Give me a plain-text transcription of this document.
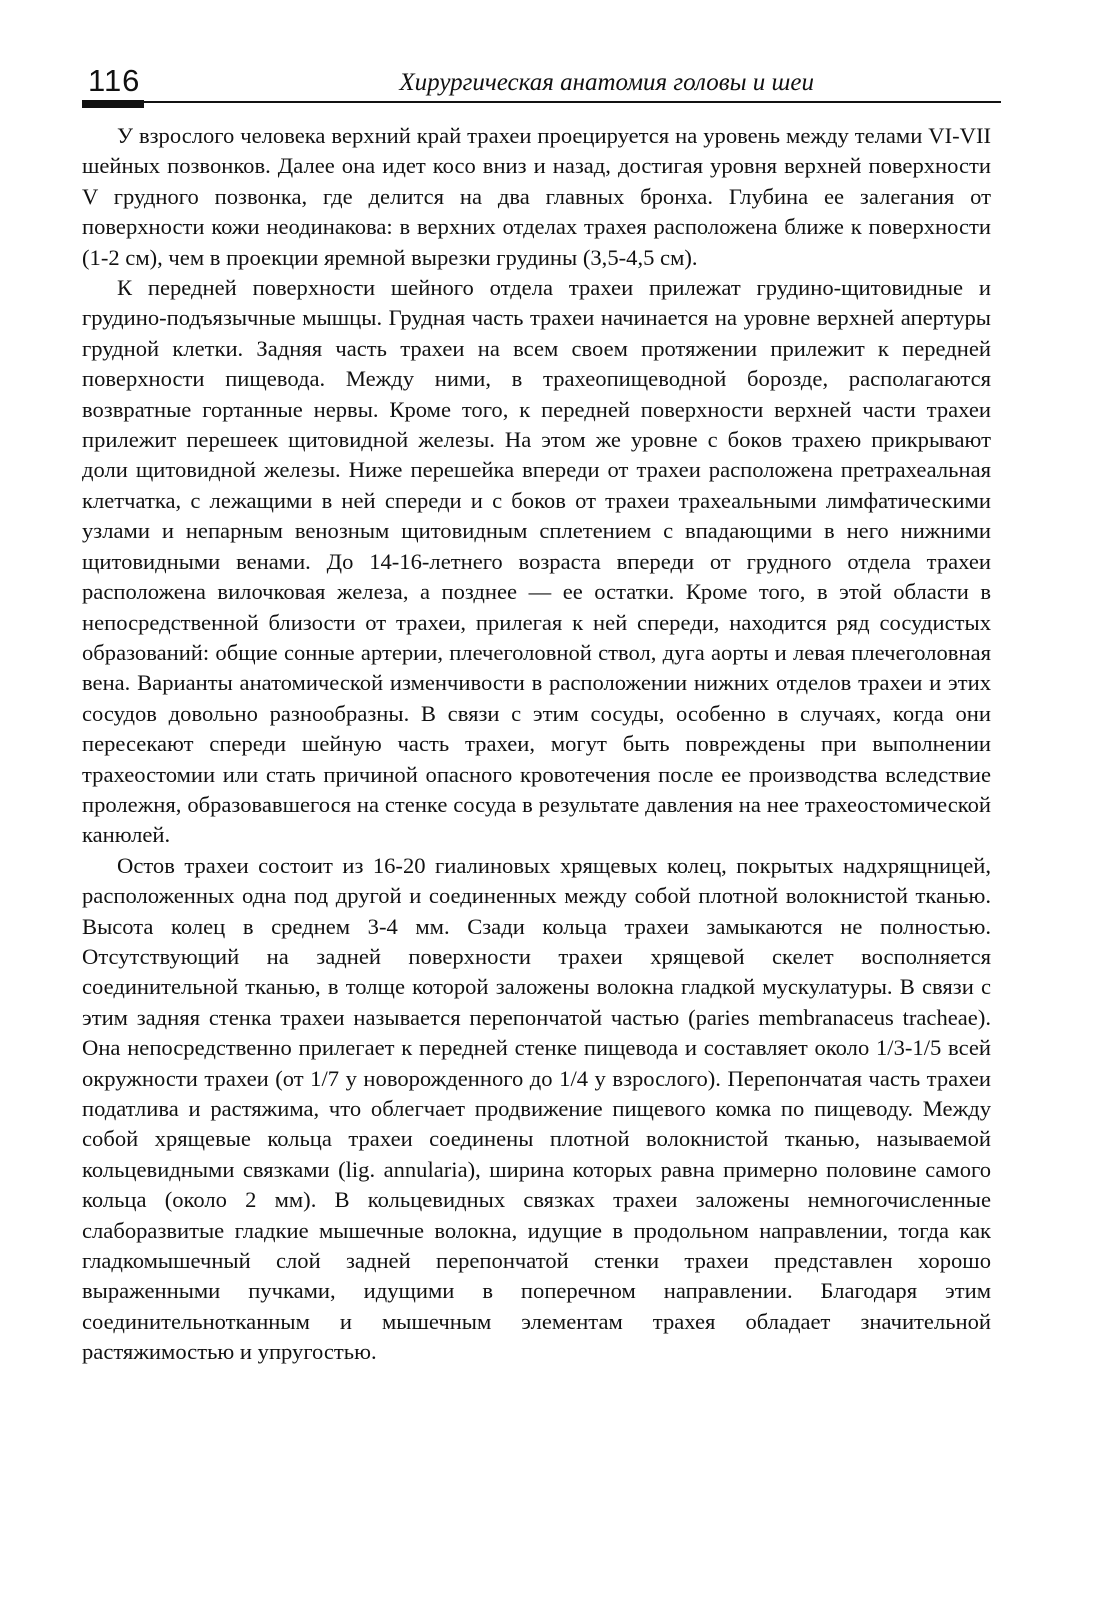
116	Хирургическая анатомия головы и шеи

У взрослого человека верхний край трахеи проецируется на уровень между телами VI-VII шейных позвонков. Далее она идет косо вниз и назад, достигая уровня верхней поверхности V грудного позвонка, где делится на два главных бронха. Глубина ее залегания от поверхности кожи неодинакова: в верхних отделах трахея расположена ближе к поверхности (1-2 см), чем в проекции яремной вырезки грудины (3,5-4,5 см).

К передней поверхности шейного отдела трахеи прилежат грудино-щитовидные и грудино-подъязычные мышцы. Грудная часть трахеи начинается на уровне верхней апертуры грудной клетки. Задняя часть трахеи на всем своем протяжении прилежит к передней поверхности пищевода. Между ними, в трахеопищеводной борозде, располагаются возвратные гортанные нервы. Кроме того, к передней поверхности верхней части трахеи прилежит перешеек щитовидной железы. На этом же уровне с боков трахею прикрывают доли щитовидной железы. Ниже перешейка впереди от трахеи расположена претрахеальная клетчатка, с лежащими в ней спереди и с боков от трахеи трахеальными лимфатическими узлами и непарным венозным щитовидным сплетением с впадающими в него нижними щитовидными венами. До 14-16-летнего возраста впереди от грудного отдела трахеи расположена вилочковая железа, а позднее — ее остатки. Кроме того, в этой области в непосредственной близости от трахеи, прилегая к ней спереди, находится ряд сосудистых образований: общие сонные артерии, плечеголовной ствол, дуга аорты и левая плечеголовная вена. Варианты анатомической изменчивости в расположении нижних отделов трахеи и этих сосудов довольно разнообразны. В связи с этим сосуды, особенно в случаях, когда они пересекают спереди шейную часть трахеи, могут быть повреждены при выполнении трахеостомии или стать причиной опасного кровотечения после ее производства вследствие пролежня, образовавшегося на стенке сосуда в результате давления на нее трахеостомической канюлей.

Остов трахеи состоит из 16-20 гиалиновых хрящевых колец, покрытых надхрящницей, расположенных одна под другой и соединенных между собой плотной волокнистой тканью. Высота колец в среднем 3-4 мм. Сзади кольца трахеи замыкаются не полностью. Отсутствующий на задней поверхности трахеи хрящевой скелет восполняется соединительной тканью, в толще которой заложены волокна гладкой мускулатуры. В связи с этим задняя стенка трахеи называется перепончатой частью (paries membranaceus tracheae). Она непосредственно прилегает к передней стенке пищевода и составляет около 1/3-1/5 всей окружности трахеи (от 1/7 у новорожденного до 1/4 у взрослого). Перепончатая часть трахеи податлива и растяжима, что облегчает продвижение пищевого комка по пищеводу. Между собой хрящевые кольца трахеи соединены плотной волокнистой тканью, называемой кольцевидными связками (lig. annularia), ширина которых равна примерно половине самого кольца (около 2 мм). В кольцевидных связках трахеи заложены немногочисленные слаборазвитые гладкие мышечные волокна, идущие в продольном направлении, тогда как гладкомышечный слой задней перепончатой стенки трахеи представлен хорошо выраженными пучками, идущими в поперечном направлении. Благодаря этим соединительнотканным и мышечным элементам трахея обладает значительной растяжимостью и упругостью.
